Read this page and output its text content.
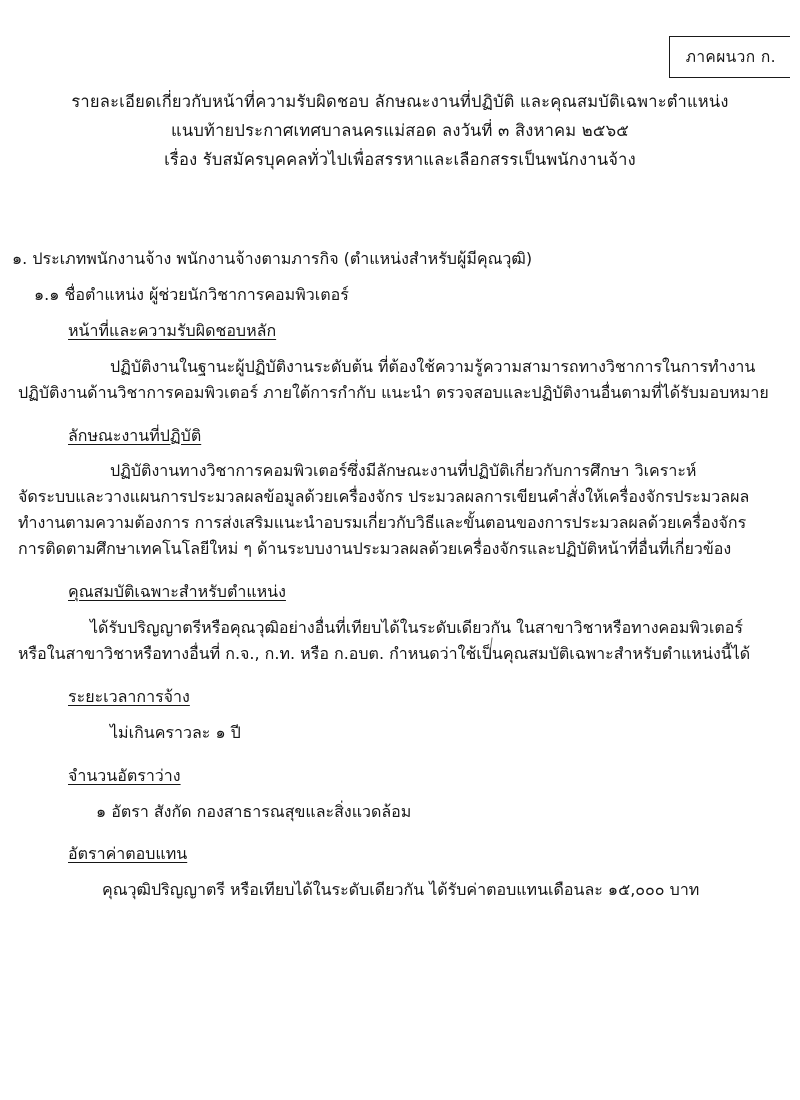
ภาคผนวก ก.
รายละเอียดเกี่ยวกับหน้าที่ความรับผิดชอบ ลักษณะงานที่ปฏิบัติ และคุณสมบัติเฉพาะตำแหน่ง
แนบท้ายประกาศเทศบาลนครแม่สอด ลงวันที่ ๓ สิงหาคม ๒๕๖๕
เรื่อง รับสมัครบุคคลทั่วไปเพื่อสรรหาและเลือกสรรเป็นพนักงานจ้าง

๑. ประเภทพนักงานจ้าง พนักงานจ้างตามภารกิจ (ตำแหน่งสำหรับผู้มีคุณวุฒิ)

๑.๑ ชื่อตำแหน่ง ผู้ช่วยนักวิชาการคอมพิวเตอร์

หน้าที่และความรับผิดชอบหลัก

ปฏิบัติงานในฐานะผู้ปฏิบัติงานระดับต้น ที่ต้องใช้ความรู้ความสามารถทางวิชาการในการทำงาน

ปฏิบัติงานด้านวิชาการคอมพิวเตอร์ ภายใต้การกำกับ แนะนำ ตรวจสอบและปฏิบัติงานอื่นตามที่ได้รับมอบหมาย

ลักษณะงานที่ปฏิบัติ

ปฏิบัติงานทางวิชาการคอมพิวเตอร์ซึ่งมีลักษณะงานที่ปฏิบัติเกี่ยวกับการศึกษา วิเคราะห์

จัดระบบและวางแผนการประมวลผลข้อมูลด้วยเครื่องจักร ประมวลผลการเขียนคำสั่งให้เครื่องจักรประมวลผล

ทำงานตามความต้องการ การส่งเสริมแนะนำอบรมเกี่ยวกับวิธีและขั้นตอนของการประมวลผลด้วยเครื่องจักร

การติดตามศึกษาเทคโนโลยีใหม่ ๆ ด้านระบบงานประมวลผลด้วยเครื่องจักรและปฏิบัติหน้าที่อื่นที่เกี่ยวข้อง

คุณสมบัติเฉพาะสำหรับตำแหน่ง

ได้รับปริญญาตรีหรือคุณวุฒิอย่างอื่นที่เทียบได้ในระดับเดียวกัน ในสาขาวิชาหรือทางคอมพิวเตอร์

หรือในสาขาวิชาหรือทางอื่นที่ ก.จ., ก.ท. หรือ ก.อบต. กำหนดว่าใช้เป็นคุณสมบัติเฉพาะสำหรับตำแหน่งนี้ได้

ระยะเวลาการจ้าง

ไม่เกินคราวละ ๑ ปี

จำนวนอัตราว่าง

๑ อัตรา สังกัด กองสาธารณสุขและสิ่งแวดล้อม

อัตราค่าตอบแทน

คุณวุฒิปริญญาตรี หรือเทียบได้ในระดับเดียวกัน ได้รับค่าตอบแทนเดือนละ ๑๕,๐๐๐ บาท
